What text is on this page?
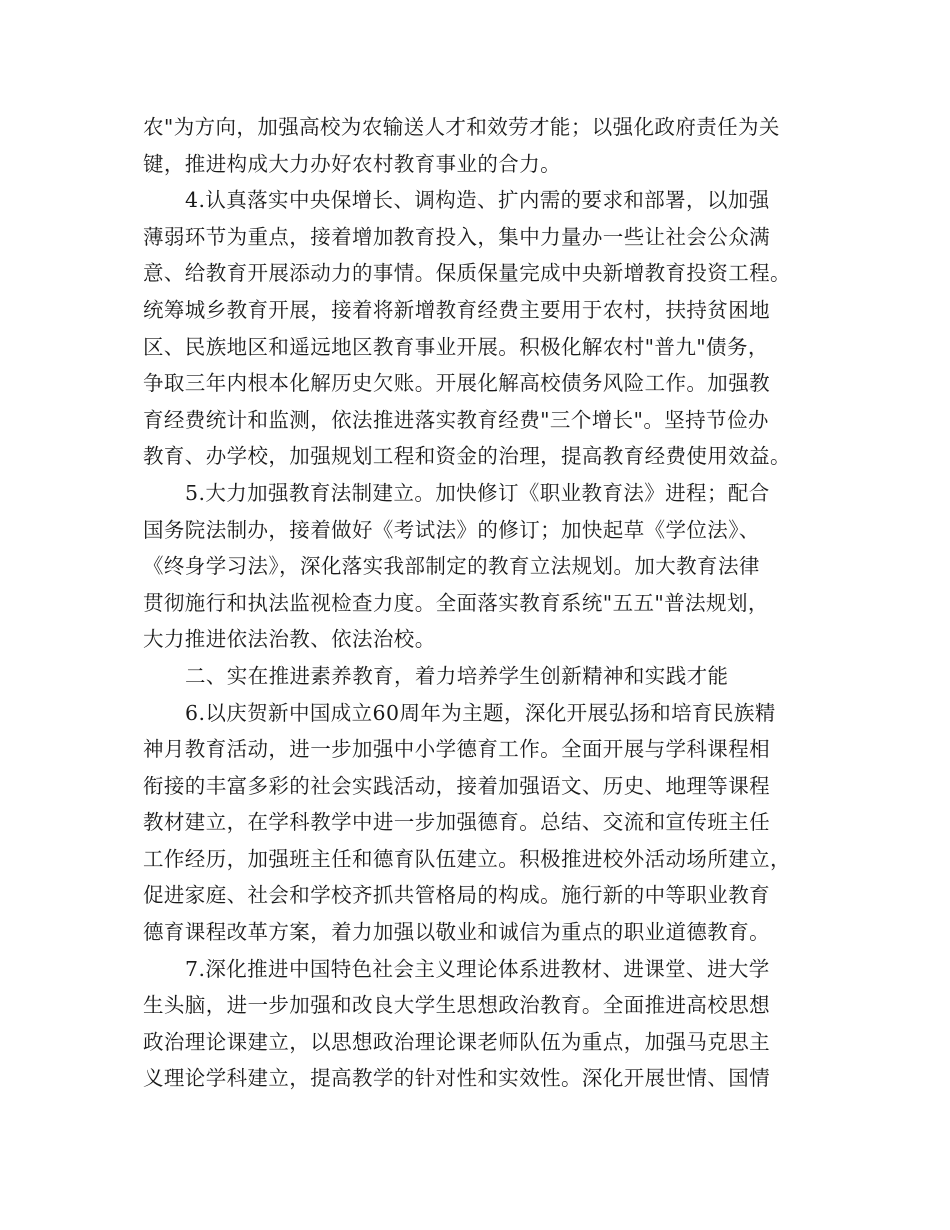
农"为方向，加强高校为农输送人才和效劳才能；以强化政府责任为关
键，推进构成大力办好农村教育事业的合力。
4.认真落实中央保增长、调构造、扩内需的要求和部署，以加强
薄弱环节为重点，接着增加教育投入，集中力量办一些让社会公众满
意、给教育开展添动力的事情。保质保量完成中央新增教育投资工程。
统筹城乡教育开展，接着将新增教育经费主要用于农村，扶持贫困地
区、民族地区和遥远地区教育事业开展。积极化解农村"普九"债务，
争取三年内根本化解历史欠账。开展化解高校债务风险工作。加强教
育经费统计和监测，依法推进落实教育经费"三个增长"。坚持节俭办
教育、办学校，加强规划工程和资金的治理，提高教育经费使用效益。
5.大力加强教育法制建立。加快修订《职业教育法》进程；配合
国务院法制办，接着做好《考试法》的修订；加快起草《学位法》、
《终身学习法》，深化落实我部制定的教育立法规划。加大教育法律
贯彻施行和执法监视检查力度。全面落实教育系统"五五"普法规划，
大力推进依法治教、依法治校。
二、实在推进素养教育，着力培养学生创新精神和实践才能
6.以庆贺新中国成立60周年为主题，深化开展弘扬和培育民族精
神月教育活动，进一步加强中小学德育工作。全面开展与学科课程相
衔接的丰富多彩的社会实践活动，接着加强语文、历史、地理等课程
教材建立，在学科教学中进一步加强德育。总结、交流和宣传班主任
工作经历，加强班主任和德育队伍建立。积极推进校外活动场所建立，
促进家庭、社会和学校齐抓共管格局的构成。施行新的中等职业教育
德育课程改革方案，着力加强以敬业和诚信为重点的职业道德教育。
7.深化推进中国特色社会主义理论体系进教材、进课堂、进大学
生头脑，进一步加强和改良大学生思想政治教育。全面推进高校思想
政治理论课建立，以思想政治理论课老师队伍为重点，加强马克思主
义理论学科建立，提高教学的针对性和实效性。深化开展世情、国情
